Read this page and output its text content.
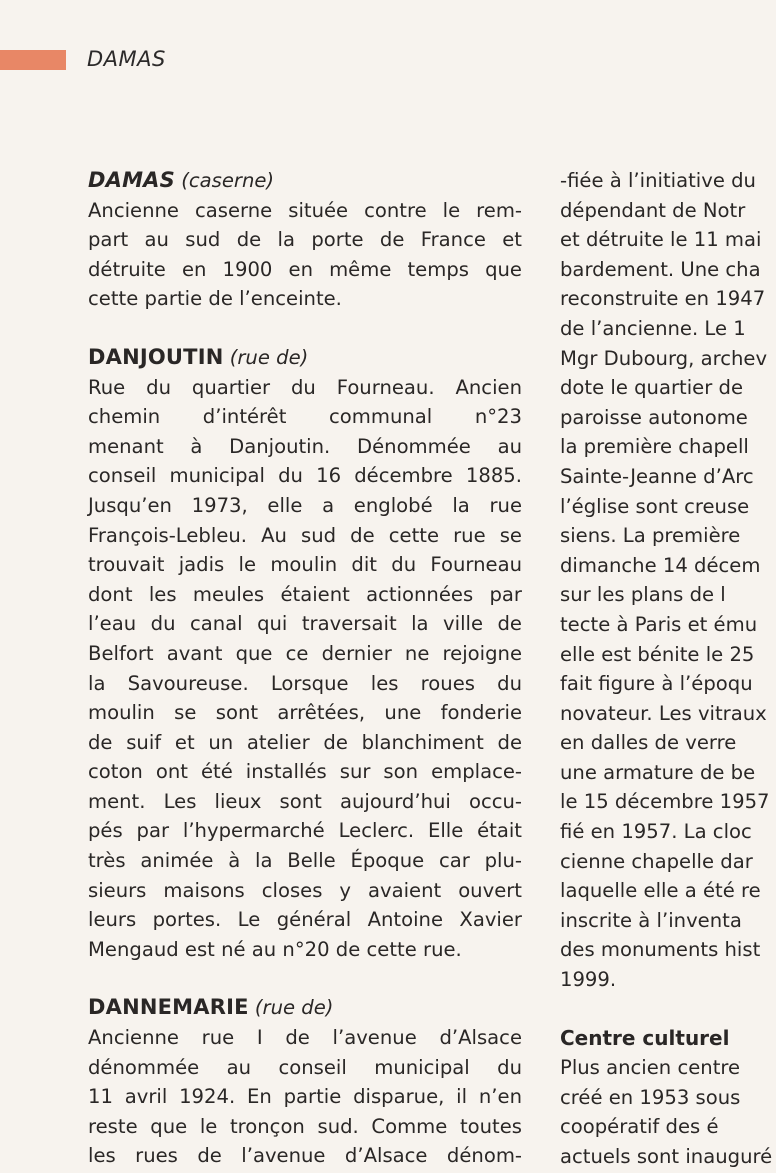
DAMAS
DAMAS (caserne)
Ancienne caserne située contre le rem-
part au sud de la porte de France et
détruite en 1900 en même temps que
cette partie de l’enceinte.
DANJOUTIN (rue de)
Rue du quartier du Fourneau. Ancien
chemin d’intérêt communal n°23
menant à Danjoutin. Dénommée au
conseil municipal du 16 décembre 1885.
Jusqu’en 1973, elle a englobé la rue
François-Lebleu. Au sud de cette rue se
trouvait jadis le moulin dit du Fourneau
dont les meules étaient actionnées par
l’eau du canal qui traversait la ville de
Belfort avant que ce dernier ne rejoigne
la Savoureuse. Lorsque les roues du
moulin se sont arrêtées, une fonderie
de suif et un atelier de blanchiment de
coton ont été installés sur son emplace-
ment. Les lieux sont aujourd’hui occu-
pés par l’hypermarché Leclerc. Elle était
très animée à la Belle Époque car plu-
sieurs maisons closes y avaient ouvert
leurs portes. Le général Antoine Xavier
Mengaud est né au n°20 de cette rue.
DANNEMARIE (rue de)
Ancienne rue I de l’avenue d’Alsace
dénommée au conseil municipal du
11 avril 1924. En partie disparue, il n’en
reste que le tronçon sud. Comme toutes
les rues de l’avenue d’Alsace dénom-
-fiée à l’initiative du
dépendant de Notr
et détruite le 11 mai
bardement. Une cha
reconstruite en 1947
de l’ancienne. Le 1
Mgr Dubourg, archev
dote le quartier de
paroisse autonome
la première chapell
Sainte-Jeanne d’Arc
l’église sont creuse
siens. La première
dimanche 14 décem
sur les plans de l
tecte à Paris et ému
elle est bénite le 25
fait figure à l’époqu
novateur. Les vitraux
en dalles de verre
une armature de be
le 15 décembre 1957
fié en 1957. La cloc
cienne chapelle dar
laquelle elle a été re
inscrite à l’inventa
des monuments hist
1999.
Centre culturel
Plus ancien centre
créé en 1953 sous
coopératif des é
actuels sont inauguré
